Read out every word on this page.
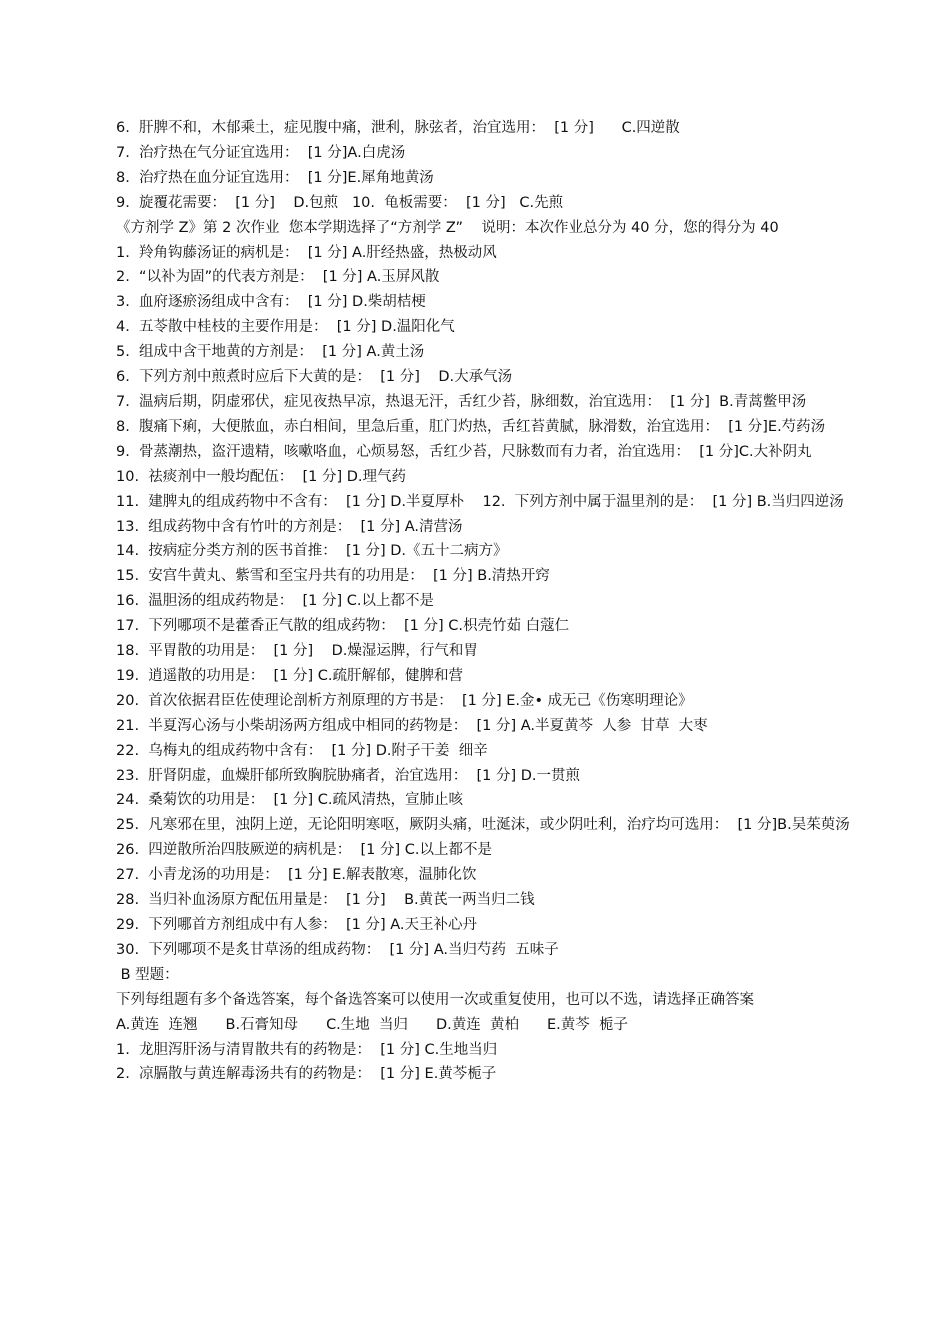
6.  肝脾不和，木郁乘土，症见腹中痛，泄利，脉弦者，治宜选用：  [1 分]      C.四逆散
7.  治疗热在气分证宜选用：  [1 分]A.白虎汤
8.  治疗热在血分证宜选用：  [1 分]E.犀角地黄汤
9.  旋覆花需要：  [1 分]    D.包煎   10.  龟板需要：  [1 分]   C.先煎
《方剂学 Z》第 2 次作业  您本学期选择了“方剂学 Z”    说明：本次作业总分为 40 分，您的得分为 40
1.  羚角钩藤汤证的病机是：  [1 分] A.肝经热盛，热极动风
2.  “以补为固”的代表方剂是：  [1 分] A.玉屏风散
3.  血府逐瘀汤组成中含有：  [1 分] D.柴胡桔梗
4.  五苓散中桂枝的主要作用是：  [1 分] D.温阳化气
5.  组成中含干地黄的方剂是：  [1 分] A.黄土汤
6.  下列方剂中煎煮时应后下大黄的是：  [1 分]    D.大承气汤
7.  温病后期，阴虚邪伏，症见夜热早凉，热退无汗，舌红少苔，脉细数，治宜选用：  [1 分]  B.青蒿鳖甲汤
8.  腹痛下痢，大便脓血，赤白相间，里急后重，肛门灼热，舌红苔黄腻，脉滑数，治宜选用：  [1 分]E.芍药汤
9.  骨蒸潮热，盗汗遗精，咳嗽咯血，心烦易怒，舌红少苔，尺脉数而有力者，治宜选用：  [1 分]C.大补阴丸
10.  祛痰剂中一般均配伍：  [1 分] D.理气药
11.  建脾丸的组成药物中不含有：  [1 分] D.半夏厚朴    12.  下列方剂中属于温里剂的是：  [1 分] B.当归四逆汤
13.  组成药物中含有竹叶的方剂是：  [1 分] A.清营汤
14.  按病症分类方剂的医书首推：  [1 分] D.《五十二病方》
15.  安宫牛黄丸、紫雪和至宝丹共有的功用是：  [1 分] B.清热开窍
16.  温胆汤的组成药物是：  [1 分] C.以上都不是
17.  下列哪项不是藿香正气散的组成药物：  [1 分] C.枳壳竹茹 白蔻仁
18.  平胃散的功用是：  [1 分]    D.燥湿运脾，行气和胃
19.  逍遥散的功用是：  [1 分] C.疏肝解郁，健脾和营
20.  首次依据君臣佐使理论剖析方剂原理的方书是：  [1 分] E.金• 成无己《伤寒明理论》
21.  半夏泻心汤与小柴胡汤两方组成中相同的药物是：  [1 分] A.半夏黄芩  人参  甘草  大枣
22.  乌梅丸的组成药物中含有：  [1 分] D.附子干姜  细辛
23.  肝肾阴虚，血燥肝郁所致胸脘胁痛者，治宜选用：  [1 分] D.一贯煎
24.  桑菊饮的功用是：  [1 分] C.疏风清热，宣肺止咳
25.  凡寒邪在里，浊阴上逆，无论阳明寒呕，厥阴头痛，吐涎沫，或少阴吐利，治疗均可选用：  [1 分]B.吴茱萸汤
26.  四逆散所治四肢厥逆的病机是：  [1 分] C.以上都不是
27.  小青龙汤的功用是：  [1 分] E.解表散寒，温肺化饮
28.  当归补血汤原方配伍用量是：  [1 分]    B.黄芪一两当归二钱
29.  下列哪首方剂组成中有人参：  [1 分] A.天王补心丹
30.  下列哪项不是炙甘草汤的组成药物：  [1 分] A.当归芍药  五味子
B 型题：
下列每组题有多个备选答案，每个备选答案可以使用一次或重复使用，也可以不选，请选择正确答案
A.黄连  连翘 B.石膏知母 C.生地  当归 D.黄连  黄柏 E.黄芩  栀子
1.  龙胆泻肝汤与清胃散共有的药物是：  [1 分] C.生地当归
2.  凉膈散与黄连解毒汤共有的药物是：  [1 分] E.黄芩栀子
